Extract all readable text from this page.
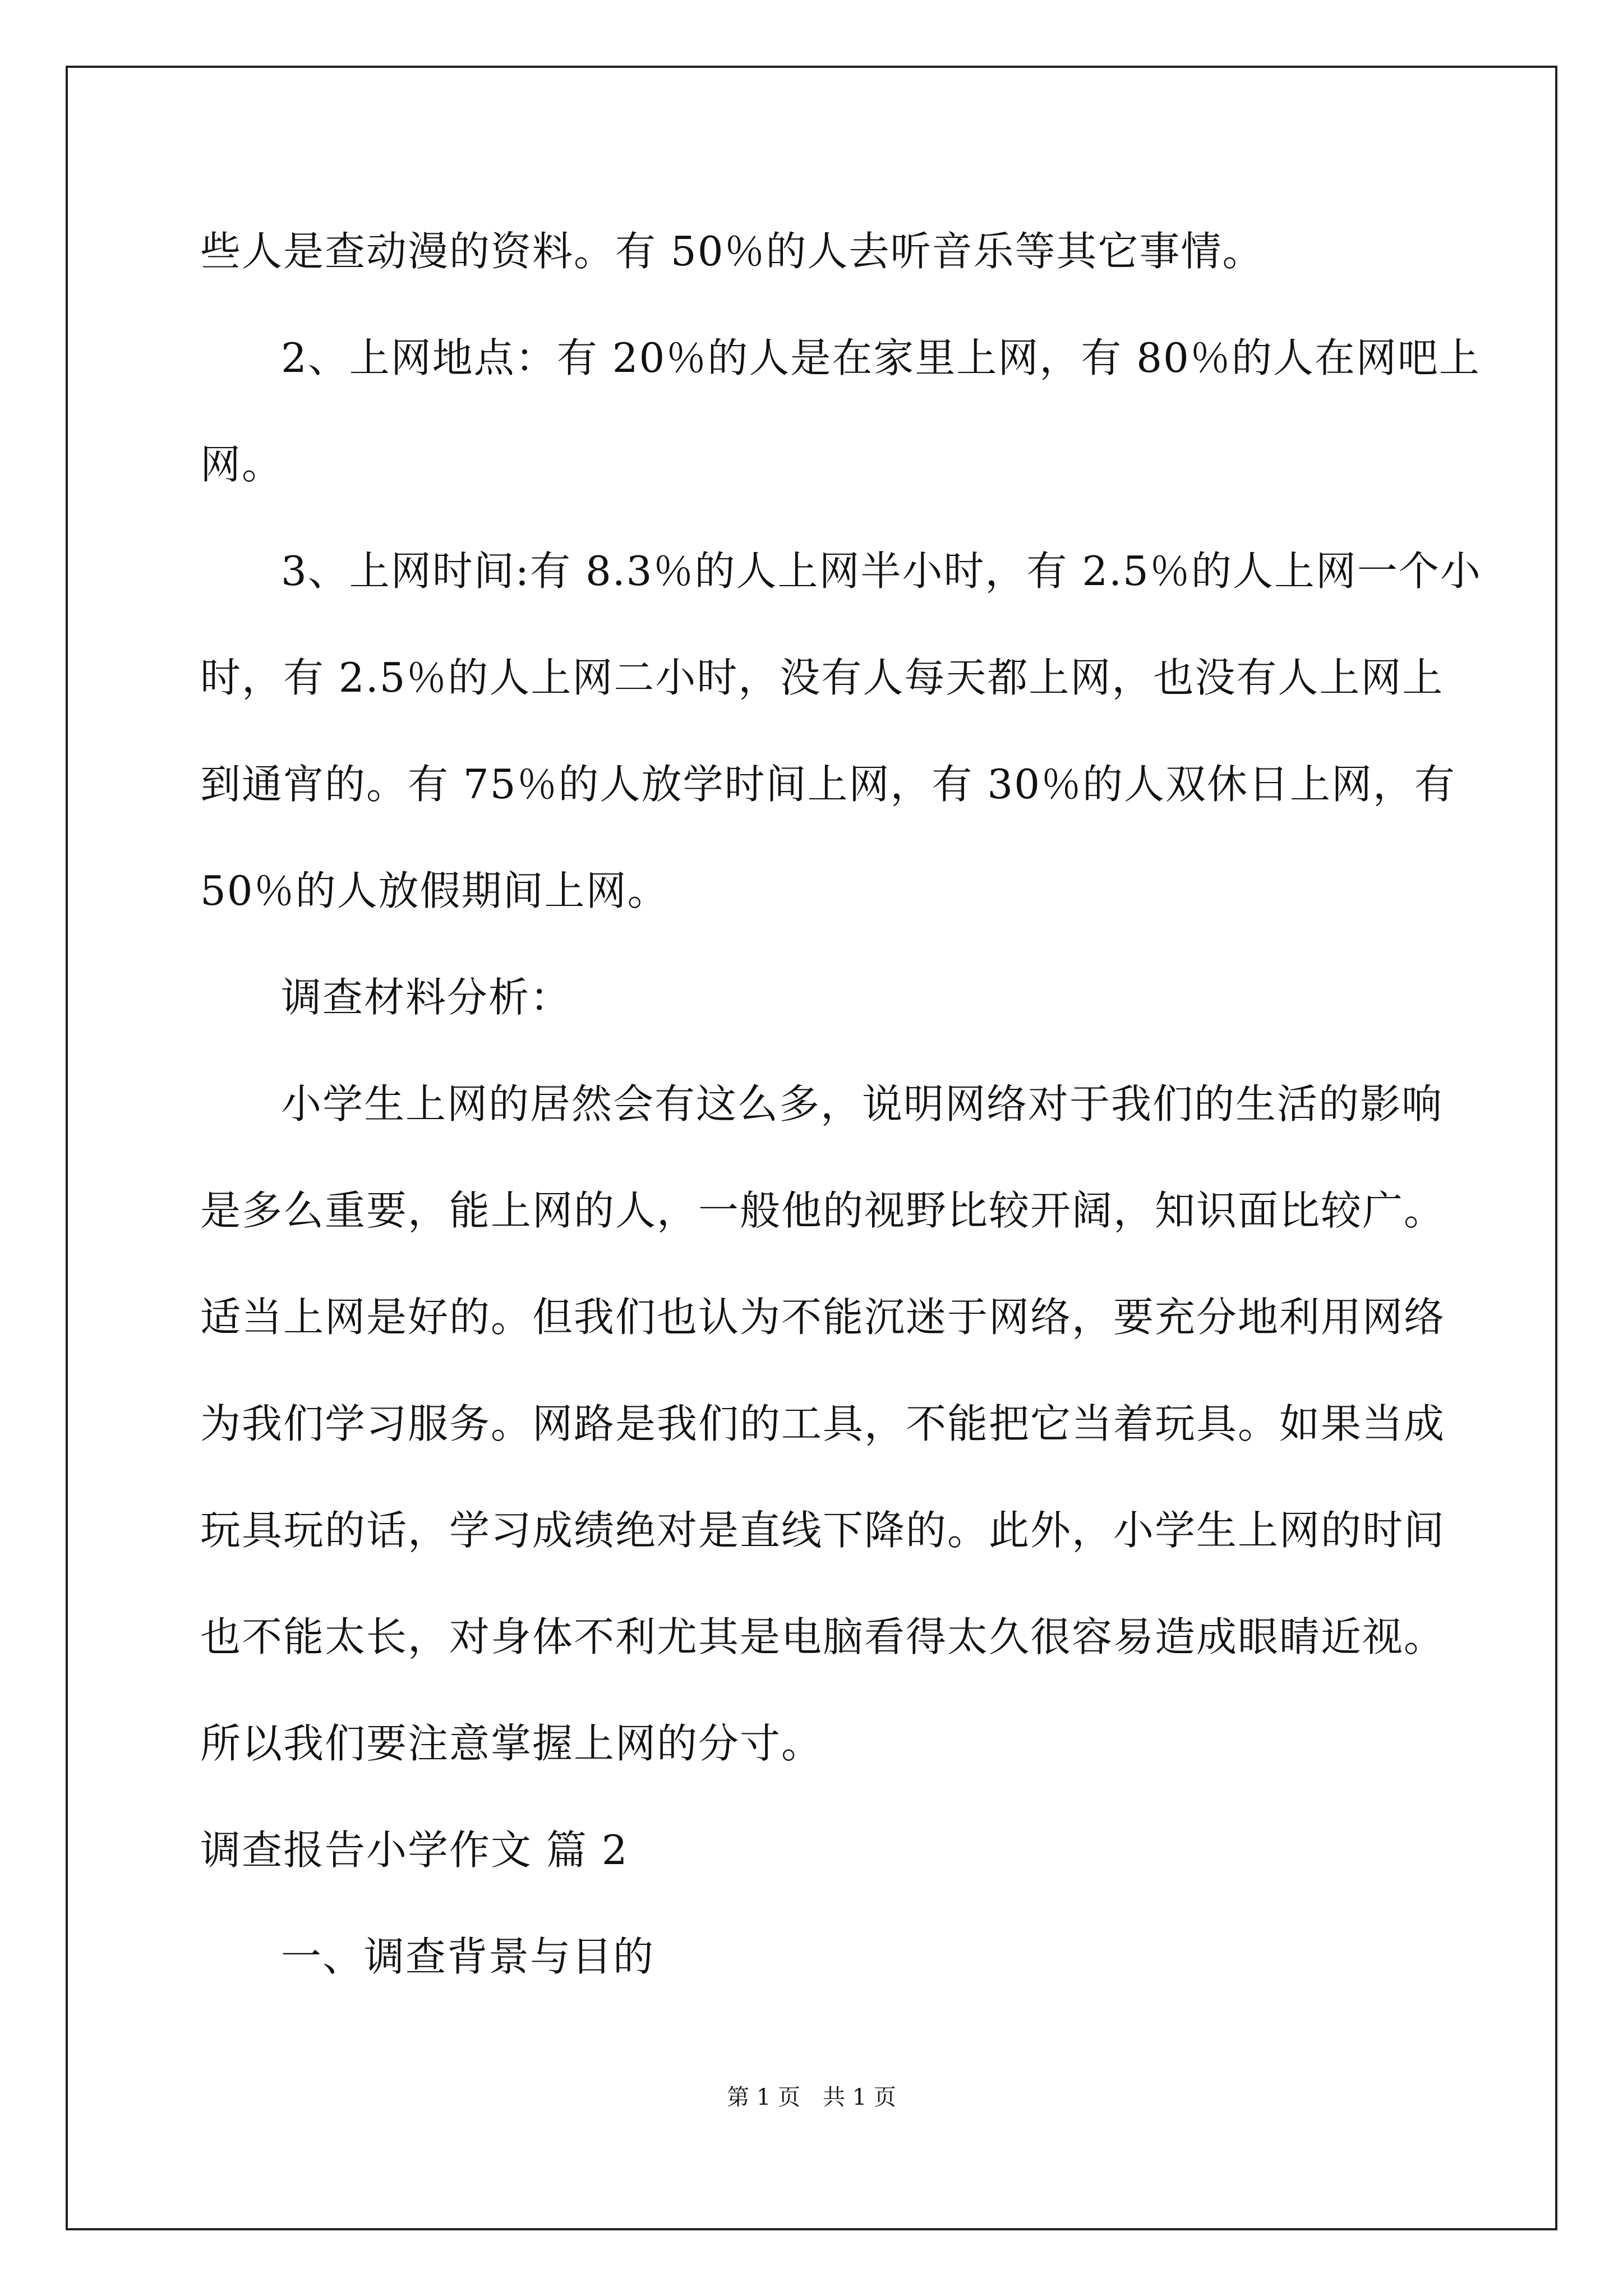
些人是查动漫的资料。有 50％的人去听音乐等其它事情。
2、上网地点：有 20％的人是在家里上网，有 80％的人在网吧上
网。
3、上网时间:有 8.3％的人上网半小时，有 2.5％的人上网一个小
时，有 2.5％的人上网二小时，没有人每天都上网，也没有人上网上
到通宵的。有 75％的人放学时间上网，有 30％的人双休日上网，有
50％的人放假期间上网。
调查材料分析：
小学生上网的居然会有这么多，说明网络对于我们的生活的影响
是多么重要，能上网的人，一般他的视野比较开阔，知识面比较广。
适当上网是好的。但我们也认为不能沉迷于网络，要充分地利用网络
为我们学习服务。网路是我们的工具，不能把它当着玩具。如果当成
玩具玩的话，学习成绩绝对是直线下降的。此外，小学生上网的时间
也不能太长，对身体不利尤其是电脑看得太久很容易造成眼睛近视。
所以我们要注意掌握上网的分寸。
调查报告小学作文 篇 2
一、调查背景与目的
第 1 页　共 1 页
